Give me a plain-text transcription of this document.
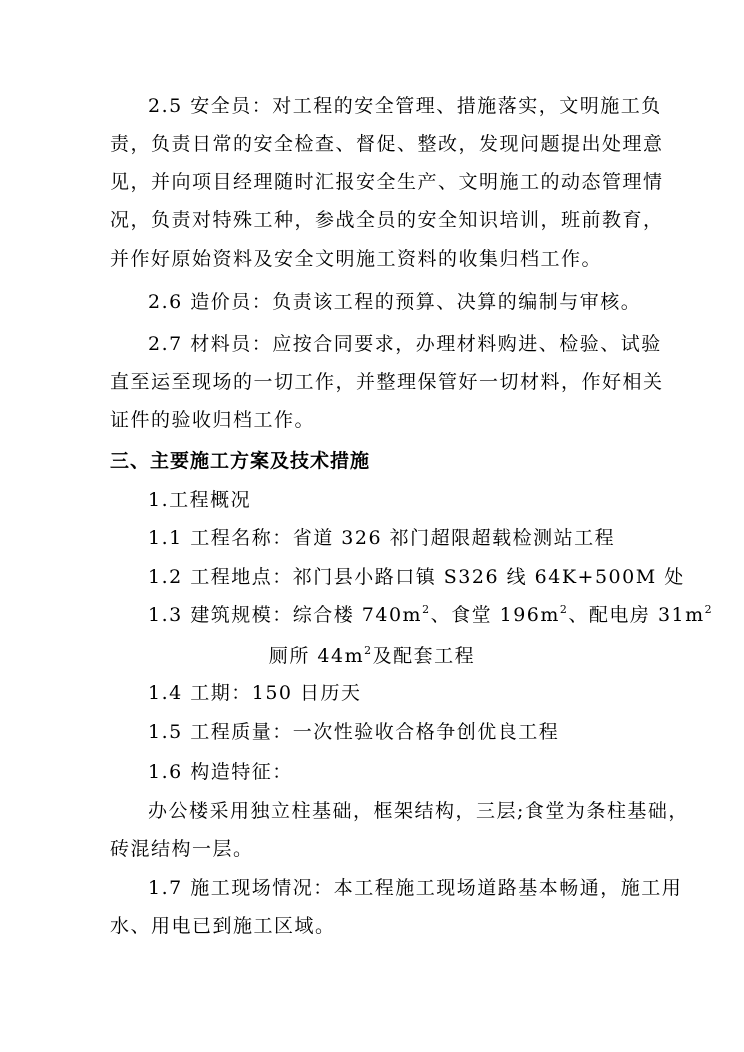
2.5 安全员：对工程的安全管理、措施落实，文明施工负
责，负责日常的安全检查、督促、整改，发现问题提出处理意
见，并向项目经理随时汇报安全生产、文明施工的动态管理情
况，负责对特殊工种，参战全员的安全知识培训，班前教育，
并作好原始资料及安全文明施工资料的收集归档工作。
2.6 造价员：负责该工程的预算、决算的编制与审核。
2.7 材料员：应按合同要求，办理材料购进、检验、试验
直至运至现场的一切工作，并整理保管好一切材料，作好相关
证件的验收归档工作。
三、主要施工方案及技术措施
1.工程概况
1.1 工程名称：省道 326 祁门超限超载检测站工程
1.2 工程地点：祁门县小路口镇 S326 线 64K+500M 处
1.3 建筑规模：综合楼 $740m^2$、食堂 $196m^2$、配电房 $31m^2$
厕所 $44m^2$及配套工程
1.4 工期：150 日历天
1.5 工程质量：一次性验收合格争创优良工程
1.6 构造特征：
办公楼采用独立柱基础，框架结构，三层;食堂为条柱基础，
砖混结构一层。
1.7 施工现场情况：本工程施工现场道路基本畅通，施工用
水、用电已到施工区域。
